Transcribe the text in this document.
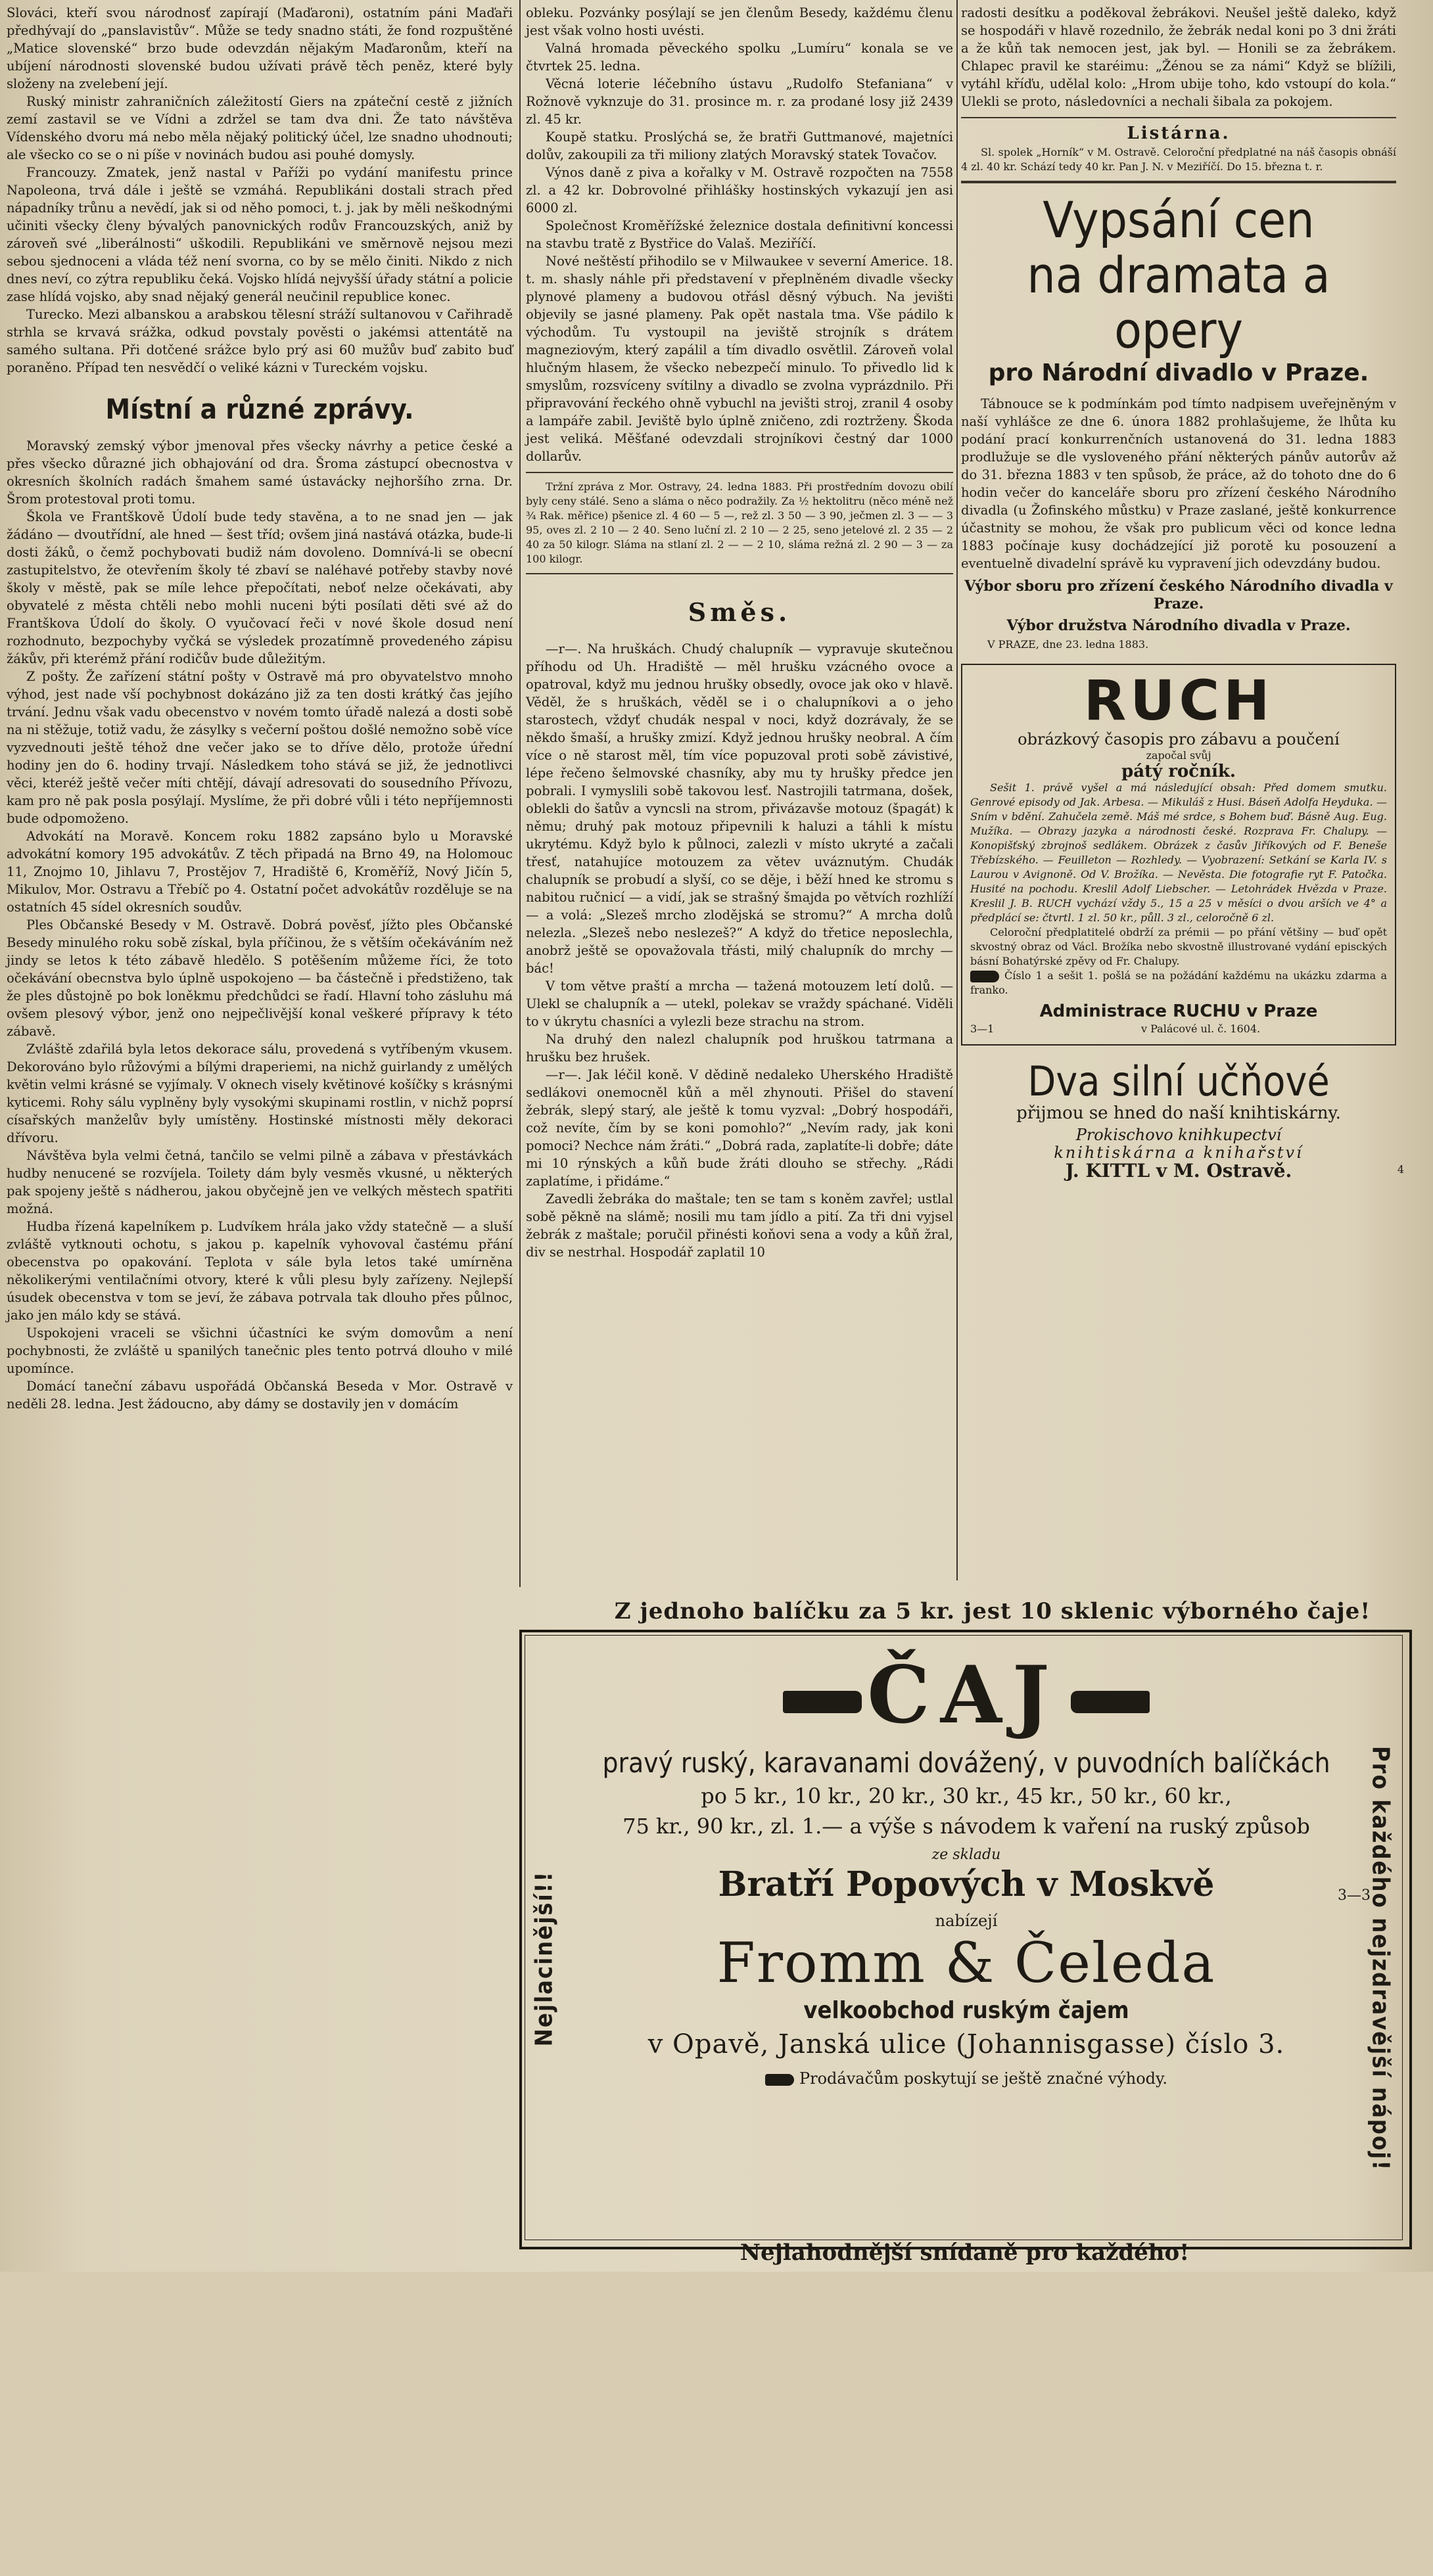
Slováci, kteří svou národnosť zapírají (Maďaroni), ostatním páni Maďaři předhývají do „panslavistův“. Může se tedy snadno státi, že fond rozpuštěné „Matice slovenské“ brzo bude odevzdán nějakým Maďaronům, kteří na ubíjení národnosti slovenské budou užívati právě těch peněz, které byly složeny na zvelebení její.

Ruský ministr zahraničních záležitostí Giers na zpáteční cestě z jižních zemí zastavil se ve Vídni a zdržel se tam dva dni. Že tato návštěva Vídenského dvoru má nebo měla nějaký politický účel, lze snadno uhodnouti; ale všecko co se o ni píše v novinách budou asi pouhé domysly.

Francouzy. Zmatek, jenž nastal v Paříži po vydání manifestu prince Napoleona, trvá dále i ještě se vzmáhá. Republikáni dostali strach před nápadníky trůnu a nevědí, jak si od něho pomoci, t. j. jak by měli neškodnými učiniti všecky členy bývalých panovnických rodův Francouzských, aniž by zároveň své „liberálnosti“ uškodili. Republikáni ve směrnově nejsou mezi sebou sjednoceni a vláda též není svorna, co by se mělo činiti. Nikdo z nich dnes neví, co zýtra republiku čeká. Vojsko hlídá nejvyšší úřady státní a policie zase hlídá vojsko, aby snad nějaký generál neučinil republice konec.

Turecko. Mezi albanskou a arabskou tělesní stráží sultanovou v Cařihradě strhla se krvavá srážka, odkud povstaly pověsti o jakémsi attentátě na samého sultana. Při dotčené srážce bylo prý asi 60 mužův buď zabito buď poraněno. Případ ten nesvědčí o veliké kázni v Tureckém vojsku.

Místní a různé zprávy.

Moravský zemský výbor jmenoval přes všecky návrhy a petice české a přes všecko důrazné jich obhajování od dra. Šroma zástupcí obecnostva v okresních školních radách šmahem samé ústavácky nejhoršího zrna. Dr. Šrom protestoval proti tomu.

Škola ve Frantškově Údolí bude tedy stavěna, a to ne snad jen — jak žádáno — dvoutřídní, ale hned — šest tříd; ovšem jiná nastává otázka, bude-li dosti žáků, o čemž pochybovati budiž nám dovoleno. Domnívá-li se obecní zastupitelstvo, že otevřením školy té zbaví se naléhavé potřeby stavby nové školy v městě, pak se míle lehce přepočítati, neboť nelze očekávati, aby obyvatelé z města chtěli nebo mohli nuceni býti posílati děti své až do Frantškova Údolí do školy. O vyučovací řeči v nové škole dosud není rozhodnuto, bezpochyby vyčká se výsledek prozatímně provedeného zápisu žákův, při kterémž přání rodičův bude důležitým.

Z pošty. Že zařízení státní pošty v Ostravě má pro obyvatelstvo mnoho výhod, jest nade vší pochybnost dokázáno již za ten dosti krátký čas jejího trvání. Jednu však vadu obecenstvo v novém tomto úřadě nalezá a dosti sobě na ni stěžuje, totiž vadu, že zásylky s večerní poštou došlé nemožno sobě více vyzvednouti ještě téhož dne večer jako se to dříve dělo, protože úřední hodiny jen do 6. hodiny trvají. Následkem toho stává se již, že jednotlivci věci, kteréž ještě večer míti chtějí, dávají adresovati do sousedního Přívozu, kam pro ně pak posla posýlají. Myslíme, že při dobré vůli i této nepříjemnosti bude odpomoženo.

Advokátí na Moravě. Koncem roku 1882 zapsáno bylo u Moravské advokátní komory 195 advokátův. Z těch připadá na Brno 49, na Holomouc 11, Znojmo 10, Jihlavu 7, Prostějov 7, Hradiště 6, Kroměříž, Nový Jičín 5, Mikulov, Mor. Ostravu a Třebíč po 4. Ostatní počet advokátův rozděluje se na ostatních 45 sídel okresních soudův.

Ples Občanské Besedy v M. Ostravě. Dobrá pověsť, jížto ples Občanské Besedy minulého roku sobě získal, byla příčinou, že s větším očekáváním než jindy se letos k této zábavě hledělo. S potěšením můžeme říci, že toto očekávání obecnstva bylo úplně uspokojeno — ba částečně i předstiženo, tak že ples důstojně po bok loněkmu předchůdci se řadí. Hlavní toho zásluhu má ovšem plesový výbor, jenž ono nejpečlivější konal veškeré přípravy k této zábavě.

Zvláště zdařilá byla letos dekorace sálu, provedená s vytříbeným vkusem. Dekorováno bylo růžovými a bílými draperiemi, na nichž guirlandy z umělých květin velmi krásné se vyjímaly. V oknech visely květinové košíčky s krásnými kyticemi. Rohy sálu vyplněny byly vysokými skupinami rostlin, v nichž poprsí císařských manželův byly umístěny. Hostinské místnosti měly dekoraci dřívoru.

Návštěva byla velmi četná, tančilo se velmi pilně a zábava v přestávkách hudby nenucené se rozvíjela. Toilety dám byly vesměs vkusné, u některých pak spojeny ještě s nádherou, jakou obyčejně jen ve velkých městech spatřiti možná.

Hudba řízená kapelníkem p. Ludvíkem hrála jako vždy statečně — a sluší zvláště vytknouti ochotu, s jakou p. kapelník vyhovoval častému přání obecenstva po opakování. Teplota v sále byla letos také umírněna několikerými ventilačními otvory, které k vůli plesu byly zařízeny. Nejlepší úsudek obecenstva v tom se jeví, že zábava potrvala tak dlouho přes půlnoc, jako jen málo kdy se stává.

Uspokojeni vraceli se všichni účastníci ke svým domovům a není pochybnosti, že zvláště u spanilých tanečnic ples tento potrvá dlouho v milé upomínce.

Domácí taneční zábavu uspořádá Občanská Beseda v Mor. Ostravě v neděli 28. ledna. Jest žádoucno, aby dámy se dostavily jen v domácím

obleku. Pozvánky posýlají se jen členům Besedy, každému členu jest však volno hosti uvésti.

Valná hromada pěveckého spolku „Lumíru“ konala se ve čtvrtek 25. ledna.

Věcná loterie léčebního ústavu „Rudolfo Stefaniana“ v Rožnově vyknzuje do 31. prosince m. r. za prodané losy již 2439 zl. 45 kr.

Koupě statku. Proslýchá se, že bratři Guttmanové, majetníci dolův, zakoupili za tři miliony zlatých Moravský statek Tovačov.

Výnos daně z piva a kořalky v M. Ostravě rozpočten na 7558 zl. a 42 kr. Dobrovolné přihlášky hostinských vykazují jen asi 6000 zl.

Společnost Kroměřížské železnice dostala definitivní koncessi na stavbu tratě z Bystřice do Valaš. Meziříčí.

Nové neštěstí přihodilo se v Milwaukee v severní Americe. 18. t. m. shasly náhle při představení v přeplněném divadle všecky plynové plameny a budovou otřásl děsný výbuch. Na jevišti objevily se jasné plameny. Pak opět nastala tma. Vše pádilo k východům. Tu vystoupil na jeviště strojník s drátem magneziovým, který zapálil a tím divadlo osvětlil. Zároveň volal hlučným hlasem, že všecko nebezpečí minulo. To přivedlo lid k smyslům, rozsvíceny svítilny a divadlo se zvolna vyprázdnilo. Při připravování řeckého ohně vybuchl na jevišti stroj, zranil 4 osoby a lampáře zabil. Jeviště bylo úplně zničeno, zdi roztrženy. Škoda jest veliká. Měšťané odevzdali strojníkovi čestný dar 1000 dollarův.

Tržní zpráva z Mor. Ostravy, 24. ledna 1883. Při prostředním dovozu obilí byly ceny stálé. Seno a sláma o něco podražily. Za ½ hektolitru (něco méně než ¾ Rak. měřice) pšenice zl. 4 60 — 5 —, rež zl. 3 50 — 3 90, ječmen zl. 3 — — 3 95, oves zl. 2 10 — 2 40. Seno luční zl. 2 10 — 2 25, seno jetelové zl. 2 35 — 2 40 za 50 kilogr. Sláma na stlaní zl. 2 — — 2 10, sláma režná zl. 2 90 — 3 — za 100 kilogr.

Směs.

—r—. Na hruškách. Chudý chalupník — vypravuje skutečnou příhodu od Uh. Hradiště — měl hrušku vzácného ovoce a opatroval, když mu jednou hrušky obsedly, ovoce jak oko v hlavě. Věděl, že s hruškách, věděl se i o chalupníkovi a o jeho starostech, vždyť chudák nespal v noci, když dozrávaly, že se někdo šmaší, a hrušky zmizí. Když jednou hrušky neobral. A čím více o ně starost měl, tím více popuzoval proti sobě závistivé, lépe řečeno šelmovské chasníky, aby mu ty hrušky předce jen pobrali. I vymyslili sobě takovou lesť. Nastrojili tatrmana, došek, oblekli do šatův a vyncsli na strom, přivázavše motouz (špagát) k němu; druhý pak motouz připevnili k haluzi a táhli k místu ukrytému. Když bylo k půlnoci, zalezli v místo ukryté a začali třesť, natahujíce motouzem za větev uváznutým. Chudák chalupník se probudí a slyší, co se děje, i běží hned ke stromu s nabitou ručnicí — a vidí, jak se strašný šmajda po větvích rozhlíží — a volá: „Slezeš mrcho zlodějská se stromu?“ A mrcha dolů nelezla. „Slezeš nebo neslezeš?“ A když do třetice neposlechla, anobrž ještě se opovažovala třásti, milý chalupník do mrchy — bác!

V tom větve praští a mrcha — tažená motouzem letí dolů. — Ulekl se chalupník a — utekl, polekav se vraždy spáchané. Viděli to v úkrytu chasníci a vylezli beze strachu na strom.

Na druhý den nalezl chalupník pod hruškou tatrmana a hrušku bez hrušek.

—r—. Jak léčil koně. V dědině nedaleko Uherského Hradiště sedlákovi onemocněl kůň a měl zhynouti. Přišel do stavení žebrák, slepý starý, ale ještě k tomu vyzval: „Dobrý hospodáři, což nevíte, čím by se koni pomohlo?“ „Nevím rady, jak koni pomoci? Nechce nám žráti.“ „Dobrá rada, zaplatíte-li dobře; dáte mi 10 rýnských a kůň bude žráti dlouho se střechy. „Rádi zaplatíme, i přidáme.“

Zavedli žebráka do maštale; ten se tam s koněm zavřel; ustlal sobě pěkně na slámě; nosili mu tam jídlo a pití. Za tři dni vyjsel žebrák z maštale; poručil přinésti koňovi sena a vody a kůň žral, div se nestrhal. Hospodář zaplatil 10

radosti desítku a poděkoval žebrákovi. Neušel ještě daleko, když se hospodáři v hlavě rozednilo, že žebrák nedal koni po 3 dni žráti a že kůň tak nemocen jest, jak byl. — Honili se za žebrákem. Chlapec pravil ke staréimu: „Žénou se za námi“ Když se blížili, vytáhl kříďu, udělal kolo: „Hrom ubije toho, kdo vstoupí do kola.“ Ulekli se proto, následovníci a nechali šibala za pokojem.

Listárna.

Sl. spolek „Horník“ v M. Ostravě. Celoroční předplatné na náš časopis obnáší 4 zl. 40 kr. Schází tedy 40 kr. Pan J. N. v Meziříčí. Do 15. března t. r.

Vypsání cen
na dramata a opery
pro Národní divadlo v Praze.

Tábnouce se k podmínkám pod tímto nadpisem uveřejněným v naší vyhlášce ze dne 6. února 1882 prohlašujeme, že lhůta ku podání prací konkurrenčních ustanovená do 31. ledna 1883 prodlužuje se dle vysloveného přání některých pánův autorův až do 31. března 1883 v ten spůsob, že práce, až do tohoto dne do 6 hodin večer do kanceláře sboru pro zřízení českého Národního divadla (u Žofinského můstku) v Praze zaslané, ještě konkurrence účastnity se mohou, že však pro publicum věci od konce ledna 1883 počínaje kusy dochádzející již porotě ku posouzení a eventuelně divadelní správě ku vypravení jich odevzdány budou.

Výbor sboru pro zřízení českého Národního divadla v Praze.
Výbor družstva Národního divadla v Praze.
V PRAZE, dne 23. ledna 1883.
RUCH
obrázkový časopis pro zábavu a poučení
započal svůj
pátý ročník.

Sešit 1. právě vyšel a má následující obsah: Před domem smutku. Genrové episody od Jak. Arbesa. — Mikuláš z Husi. Báseň Adolfa Heyduka. — Sním v bdění. Zahučela země. Máš mé srdce, s Bohem buď. Básně Aug. Eug. Mužíka. — Obrazy jazyka a národnosti české. Rozprava Fr. Chalupy. — Konopišťský zbrojnoš sedlákem. Obrázek z časův Jiříkových od F. Beneše Třebízského. — Feuilleton — Rozhledy. — Vyobrazení: Setkání se Karla IV. s Laurou v Avignoně. Od V. Brožíka. — Nevěsta. Die fotografie ryt F. Patočka. Husité na pochodu. Kreslil Adolf Liebscher. — Letohrádek Hvězda v Praze. Kreslil J. B. RUCH vychází vždy 5., 15 a 25 v měsíci o dvou arších ve 4° a předplácí se: čtvrtl. 1 zl. 50 kr., půll. 3 zl., celoročně 6 zl.

Celoroční předplatitelé obdrží za prémii — po přání většiny — buď opět skvostný obraz od Václ. Brožíka nebo skvostně illustrované vydání episckých básní Bohatýrské zpěvy od Fr. Chalupy.

Číslo 1 a sešit 1. pošlá se na požádání každému na ukázku zdarma a franko.

Administrace RUCHU v Praze
3—1	v Palácové ul. č. 1604.
Dva silní učňové
přijmou se hned do naší knihtiskárny.
Prokischovo knihkupectví
knihtiskárna a knihařství
J. KITTL v M. Ostravě.	4
Z jednoho balíčku za 5 kr. jest 10 sklenic výborného čaje!
Nejlacinější!!	Pro každého nejzdravější nápoj!
ČAJ
pravý ruský, karavanami dovážený, v puvodních balíčkách
po 5 kr., 10 kr., 20 kr., 30 kr., 45 kr., 50 kr., 60 kr.,
75 kr., 90 kr., zl. 1.— a výše s návodem k vaření na ruský způsob
ze skladu
Bratří Popových v Moskvě
nabízejí
Fromm & Čeleda
velkoobchod ruským čajem
v Opavě, Janská ulice (Johannisgasse) číslo 3.
Prodávačům poskytují se ještě značné výhody.
3—3
Nejlahodnější snídaně pro každého!
